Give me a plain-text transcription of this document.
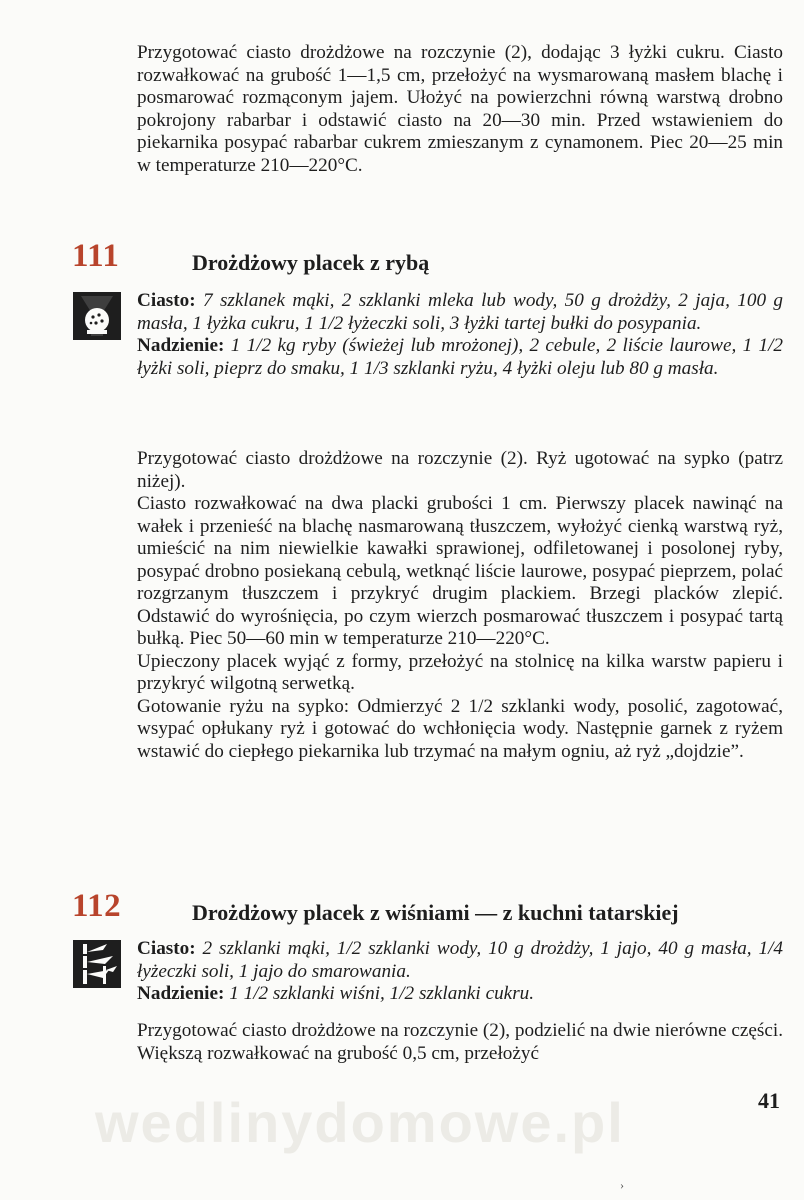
Przygotować ciasto drożdżowe na rozczynie (2), dodając 3 łyżki cukru. Ciasto rozwałkować na grubość 1—1,5 cm, przełożyć na wysmarowaną masłem blachę i posmarować rozmąconym jajem. Ułożyć na powierzchni równą warstwą drobno pokrojony rabarbar i odstawić ciasto na 20—30 min. Przed wstawieniem do piekarnika posypać rabarbar cukrem zmieszanym z cynamonem. Piec 20—25 min w temperaturze 210—220°C.

111	Drożdżowy placek z rybą

Ciasto: 7 szklanek mąki, 2 szklanki mleka lub wody, 50 g drożdży, 2 jaja, 100 g masła, 1 łyżka cukru, 1 1/2 łyżeczki soli, 3 łyżki tartej bułki do posypania.

Nadzienie: 1 1/2 kg ryby (świeżej lub mrożonej), 2 cebule, 2 liście laurowe, 1 1/2 łyżki soli, pieprz do smaku, 1 1/3 szklanki ryżu, 4 łyżki oleju lub 80 g masła.

Przygotować ciasto drożdżowe na rozczynie (2). Ryż ugotować na sypko (patrz niżej).

Ciasto rozwałkować na dwa placki grubości 1 cm. Pierwszy placek nawinąć na wałek i przenieść na blachę nasmarowaną tłuszczem, wyłożyć cienką warstwą ryż, umieścić na nim niewielkie kawałki sprawionej, odfiletowanej i posolonej ryby, posypać drobno posiekaną cebulą, wetknąć liście laurowe, posypać pieprzem, polać rozgrzanym tłuszczem i przykryć drugim plackiem. Brzegi placków zlepić. Odstawić do wyrośnięcia, po czym wierzch posmarować tłuszczem i posypać tartą bułką. Piec 50—60 min w temperaturze 210—220°C.

Upieczony placek wyjąć z formy, przełożyć na stolnicę na kilka warstw papieru i przykryć wilgotną serwetką.

Gotowanie ryżu na sypko: Odmierzyć 2 1/2 szklanki wody, posolić, zagotować, wsypać opłukany ryż i gotować do wchłonięcia wody. Następnie garnek z ryżem wstawić do ciepłego piekarnika lub trzymać na małym ogniu, aż ryż „dojdzie”.

112	Drożdżowy placek z wiśniami — z kuchni tatarskiej

Ciasto: 2 szklanki mąki, 1/2 szklanki wody, 10 g drożdży, 1 jajo, 40 g masła, 1/4 łyżeczki soli, 1 jajo do smarowania.

Nadzienie: 1 1/2 szklanki wiśni, 1/2 szklanki cukru.

Przygotować ciasto drożdżowe na rozczynie (2), podzielić na dwie nierówne części. Większą rozwałkować na grubość 0,5 cm, przełożyć

wedlinydomowe.pl	41
›
